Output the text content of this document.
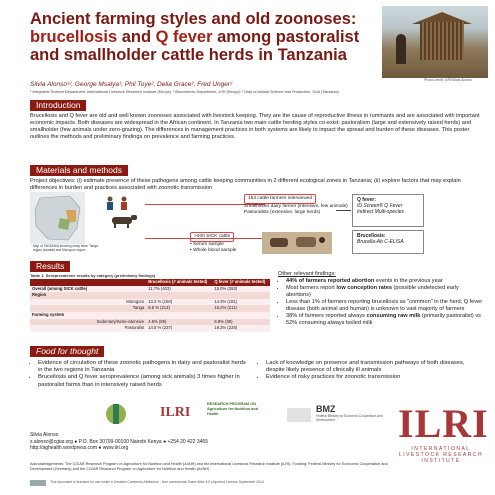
Ancient farming styles and old zoonoses:
brucellosis and Q fever among pastoralist
and smallholder cattle herds in Tanzania
Photo credit: ILRI/Silvia Alonso
Silvia Alonso¹², George Msalya³, Phil Toye², Delia Grace², Fred Unger²
¹ Integrated Science Department, International Livestock Research Institute (Kenya); ² Biosciences Department, ILRI (Kenya); ³ Dept of Animal Science and Production, SUA (Tanzania)
Introduction
Brucellosis and Q fever are old and well known zoonoses associated with livestock keeping. They are the cause of reproductive illness in ruminants and are associated with important economic impacts. Both diseases are widespread in the African continent. In Tanzania two main cattle herding styles co-exist: pastoralism (large and extensively raised herds) and smallholder (few animals under zero-grazing). The differences in management practices in both systems are likely to impact the spread and burden of these diseases. This poster outlines the methods and preliminary findings on prevalence and farming practices.
Materials and methods
Project objectives: (i) estimate presence of these pathogens among cattle keeping communities in 2 different ecological zones in Tanzania; (ii) explore factors that may explain differences in burden and practices associated with zoonotic transmission
Map of TANZANIA showing study sites: Tanga region (coastal) and Morogoro region
153 cattle farmers interviewed
Smallholder dairy farmer (intensive, few animals)
Pastoralists (extensive, large herds)
>400 SICK cattle
• Serum sample
• Whole blood sample
Q fever:
ID Screen® Q Fever Indirect Multi-species
Brucellosis:
Brucella-Ab C-ELISA
Results
Table 1. Seroprevalence results by category (preliminary findings)
		Brucellosis (# animals tested)	Q fever (# animals tested)
Overall (among SICK cattle)		11.7% (403)	15.0% (393)
Region			
	Morogoro	13.3 % (150)	14.3% (181)
	Tanga	8.5 % (213)	15.2% (211)
Farming system			
	Sedentary/Semi-intensive	4.5% (89)	6.8% (88)
	Pastoralist	14.8 % (237)	19.3% (228)
Other relevant findings:
• 44% of farmers reported abortion events in the previous year
• Most farmers report low conception rates (possible undetected early abortions)
• Less than 1% of farmers reporting brucellosis as "common" in the herd; Q fever disease (both animal and human) is unknown to vast majority of farmers
• 38% of farmers reported always consuming raw milk (primarily pastoralist) vs 52% consuming always boiled milk
Food for thought
• Evidence of circulation of these zoonotic pathogens in dairy and pastoralist herds in the two regions in Tanzania
• Brucellosis and Q fever seroprevalence (among sick animals) 3 times higher in pastoralist farms than in intensively raised herds
• Lack of knowledge on presence and transmission pathways of both diseases, despite likely presence of clinically ill animals
• Evidence of risky practices for zoonotic transmission
ILRI
RESEARCH PROGRAM ON Agriculture for Nutrition and Health	BMZ
Federal Ministry for Economic Cooperation and Development	ILRI
INTERNATIONAL LIVESTOCK RESEARCH INSTITUTE
Silvia Alonso
s.alonso@cgiar.org ● P.O. Box 30709-00100 Nairobi Kenya ● +254 20 422 3465
http://aghealth.wordpress.com ● www.ilri.org
Acknowledgements: The CGIAR Research Program on Agriculture for Nutrition and Health (A4NH) and the International Livestock Research Institute (ILRI). Funding: Federal Ministry for Economic Cooperation and Development (Germany) and the CGIAR Research Program on Agriculture for Nutrition and Health (A4NH)
This document is licensed for use under a Creative Commons Attribution - Non commercial-Share Alike 4.0 Unported License September 2014
